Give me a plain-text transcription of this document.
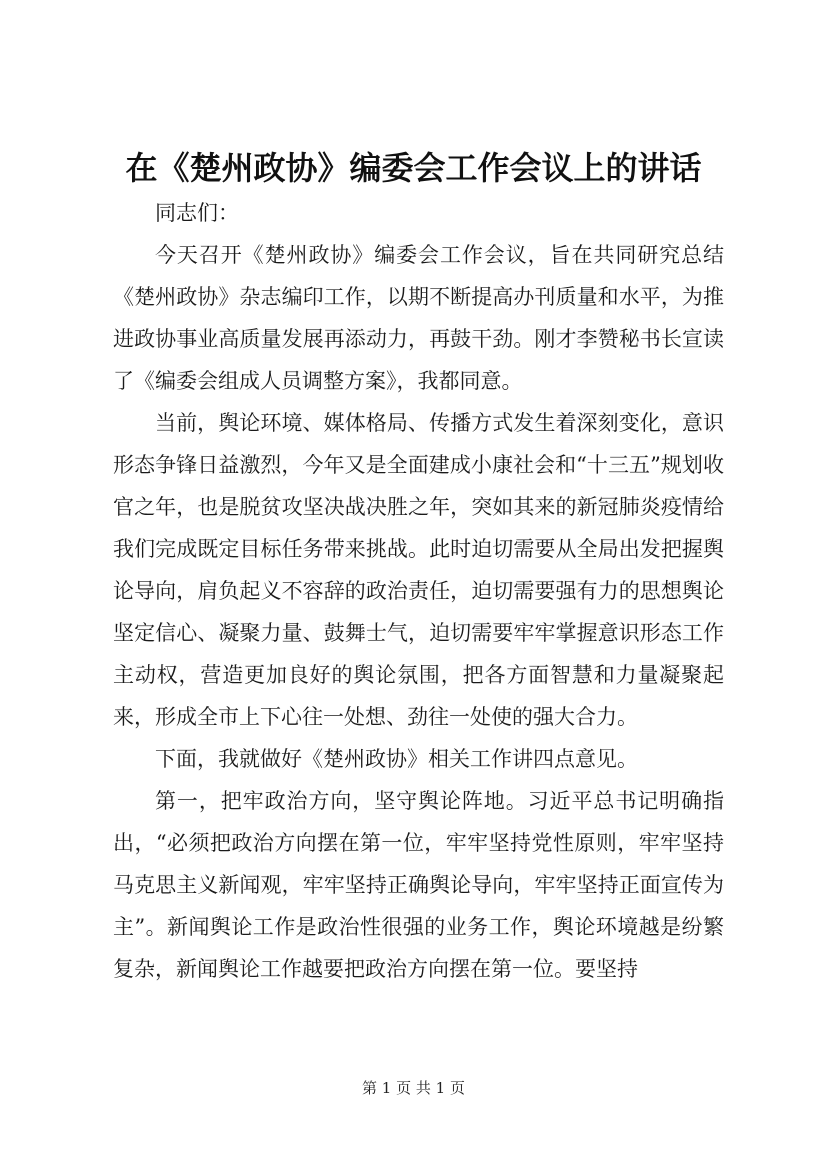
在《楚州政协》编委会工作会议上的讲话

同志们：

今天召开《楚州政协》编委会工作会议，旨在共同研究总结《楚州政协》杂志编印工作，以期不断提高办刊质量和水平，为推进政协事业高质量发展再添动力，再鼓干劲。刚才李赞秘书长宣读了《编委会组成人员调整方案》，我都同意。

当前，舆论环境、媒体格局、传播方式发生着深刻变化，意识形态争锋日益激烈，今年又是全面建成小康社会和“十三五”规划收官之年，也是脱贫攻坚决战决胜之年，突如其来的新冠肺炎疫情给我们完成既定目标任务带来挑战。此时迫切需要从全局出发把握舆论导向，肩负起义不容辞的政治责任，迫切需要强有力的思想舆论坚定信心、凝聚力量、鼓舞士气，迫切需要牢牢掌握意识形态工作主动权，营造更加良好的舆论氛围，把各方面智慧和力量凝聚起来，形成全市上下心往一处想、劲往一处使的强大合力。

下面，我就做好《楚州政协》相关工作讲四点意见。

第一，把牢政治方向，坚守舆论阵地。习近平总书记明确指出，“必须把政治方向摆在第一位，牢牢坚持党性原则，牢牢坚持马克思主义新闻观，牢牢坚持正确舆论导向，牢牢坚持正面宣传为主”。新闻舆论工作是政治性很强的业务工作，舆论环境越是纷繁复杂，新闻舆论工作越要把政治方向摆在第一位。要坚持

第 1 页 共 1 页
